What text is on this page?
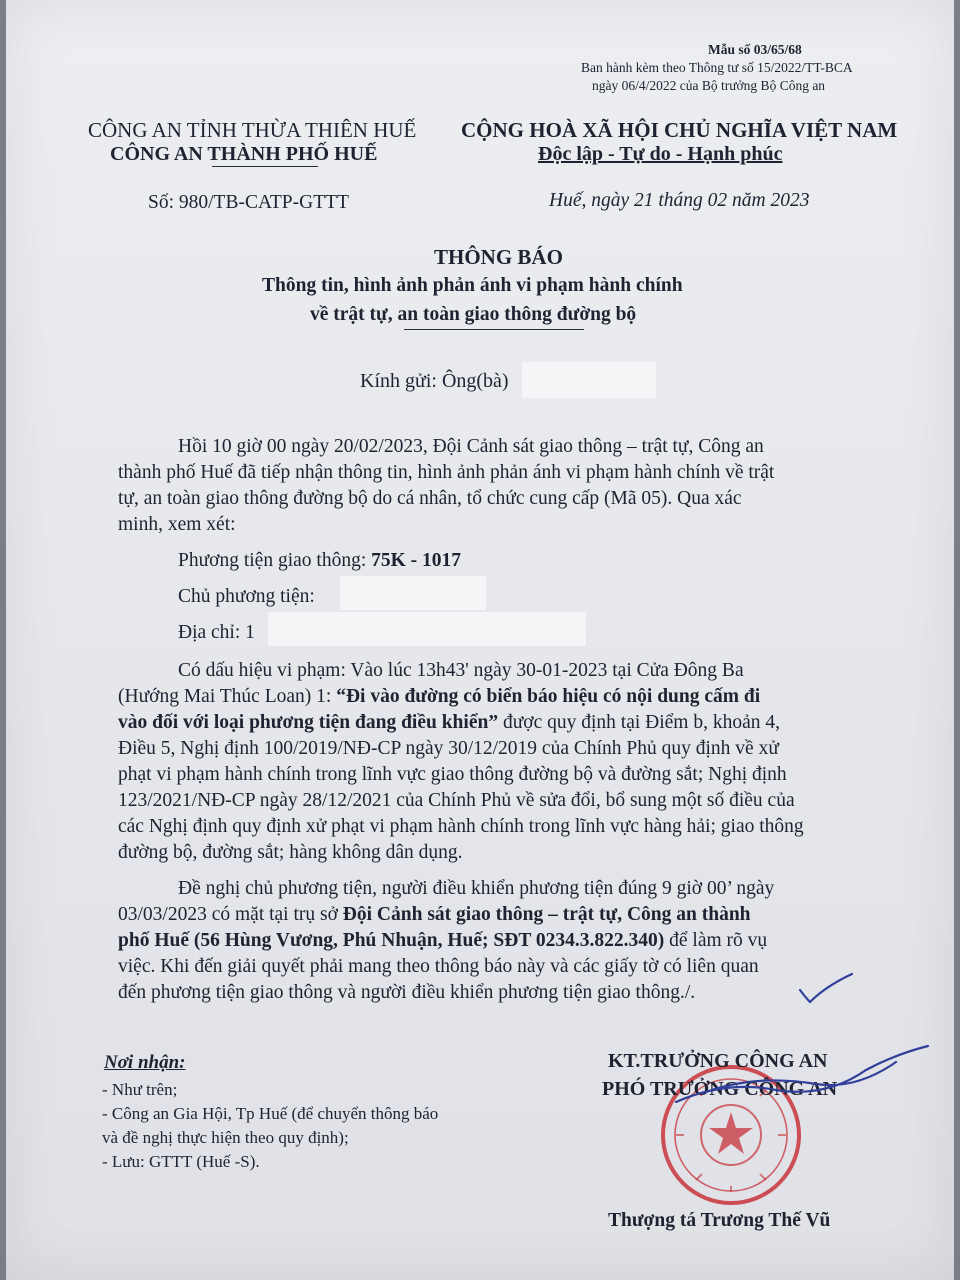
Mẫu số 03/65/68
Ban hành kèm theo Thông tư số 15/2022/TT-BCA
ngày 06/4/2022 của Bộ trưởng Bộ Công an
CÔNG AN TỈNH THỪA THIÊN HUẾ
CÔNG AN THÀNH PHỐ HUẾ
Số: 980/TB-CATP-GTTT
CỘNG HOÀ XÃ HỘI CHỦ NGHĨA VIỆT NAM
Độc lập - Tự do - Hạnh phúc
Huế, ngày 21 tháng 02 năm 2023
THÔNG BÁO
Thông tin, hình ảnh phản ánh vi phạm hành chính
về trật tự, an toàn giao thông đường bộ
Kính gửi: Ông(bà)
Hồi 10 giờ 00 ngày 20/02/2023, Đội Cảnh sát giao thông – trật tự, Công an
thành phố Huế đã tiếp nhận thông tin, hình ảnh phản ánh vi phạm hành chính về trật
tự, an toàn giao thông đường bộ do cá nhân, tổ chức cung cấp (Mã 05). Qua xác
minh, xem xét:
Phương tiện giao thông: 75K - 1017
Chủ phương tiện:
Địa chỉ: 1
Có dấu hiệu vi phạm: Vào lúc 13h43' ngày 30-01-2023 tại Cửa Đông Ba
(Hướng Mai Thúc Loan) 1: “Đi vào đường có biển báo hiệu có nội dung cấm đi
vào đối với loại phương tiện đang điều khiển” được quy định tại Điểm b, khoản 4,
Điều 5, Nghị định 100/2019/NĐ-CP ngày 30/12/2019 của Chính Phủ quy định về xử
phạt vi phạm hành chính trong lĩnh vực giao thông đường bộ và đường sắt; Nghị định
123/2021/NĐ-CP ngày 28/12/2021 của Chính Phủ về sửa đổi, bổ sung một số điều của
các Nghị định quy định xử phạt vi phạm hành chính trong lĩnh vực hàng hải; giao thông
đường bộ, đường sắt; hàng không dân dụng.
Đề nghị chủ phương tiện, người điều khiển phương tiện đúng 9 giờ 00’ ngày
03/03/2023 có mặt tại trụ sở Đội Cảnh sát giao thông – trật tự, Công an thành
phố Huế (56 Hùng Vương, Phú Nhuận, Huế; SĐT 0234.3.822.340) để làm rõ vụ
việc. Khi đến giải quyết phải mang theo thông báo này và các giấy tờ có liên quan
đến phương tiện giao thông và người điều khiển phương tiện giao thông./.
Nơi nhận:
- Như trên;
- Công an Gia Hội, Tp Huế (để chuyển thông báo
và đề nghị thực hiện theo quy định);
- Lưu: GTTT (Huế -S).
KT.TRƯỞNG CÔNG AN
PHÓ TRƯỞNG CÔNG AN
Thượng tá Trương Thế Vũ
